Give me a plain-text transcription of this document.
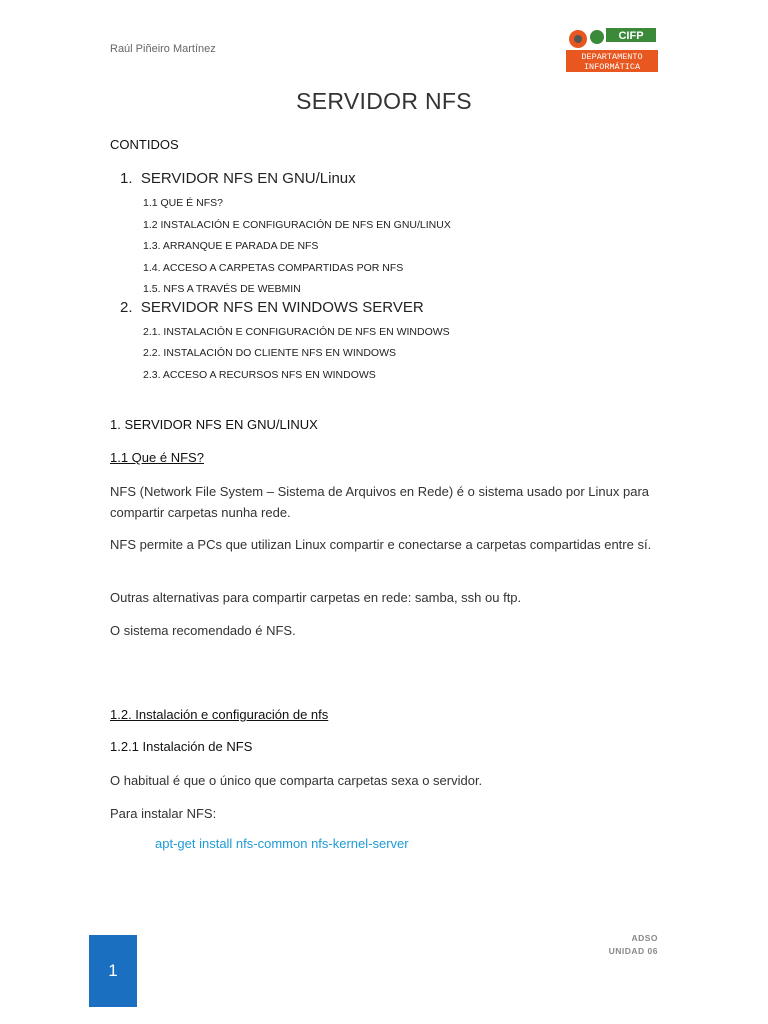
Raúl Piñeiro Martínez
CIFP
DEPARTAMENTO
INFORMÁTICA
SERVIDOR NFS
CONTIDOS
1.  SERVIDOR NFS EN GNU/Linux
1.1 QUE É NFS?
1.2 INSTALACIÓN E CONFIGURACIÓN DE NFS EN GNU/LINUX
1.3. ARRANQUE E PARADA DE NFS
1.4. ACCESO A CARPETAS COMPARTIDAS POR NFS
1.5. NFS A TRAVÉS DE WEBMIN
2.  SERVIDOR NFS EN WINDOWS SERVER
2.1. INSTALACIÓN E CONFIGURACIÓN DE NFS EN WINDOWS
2.2. INSTALACIÓN DO CLIENTE NFS EN WINDOWS
2.3. ACCESO A RECURSOS NFS EN WINDOWS
1. SERVIDOR NFS EN GNU/LINUX
1.1 Que é NFS?
NFS (Network File System – Sistema de Arquivos en Rede) é o sistema usado por Linux para compartir carpetas nunha rede.
NFS permite a PCs que utilizan Linux compartir e conectarse a carpetas compartidas entre sí.
Outras alternativas para compartir carpetas en rede: samba, ssh ou ftp.
O sistema recomendado é NFS.
1.2. Instalación e configuración de nfs
1.2.1 Instalación de NFS
O habitual é que o único que comparta carpetas sexa o servidor.
Para instalar NFS:
apt-get install nfs-common nfs-kernel-server
1
ADSO
UNIDAD 06
